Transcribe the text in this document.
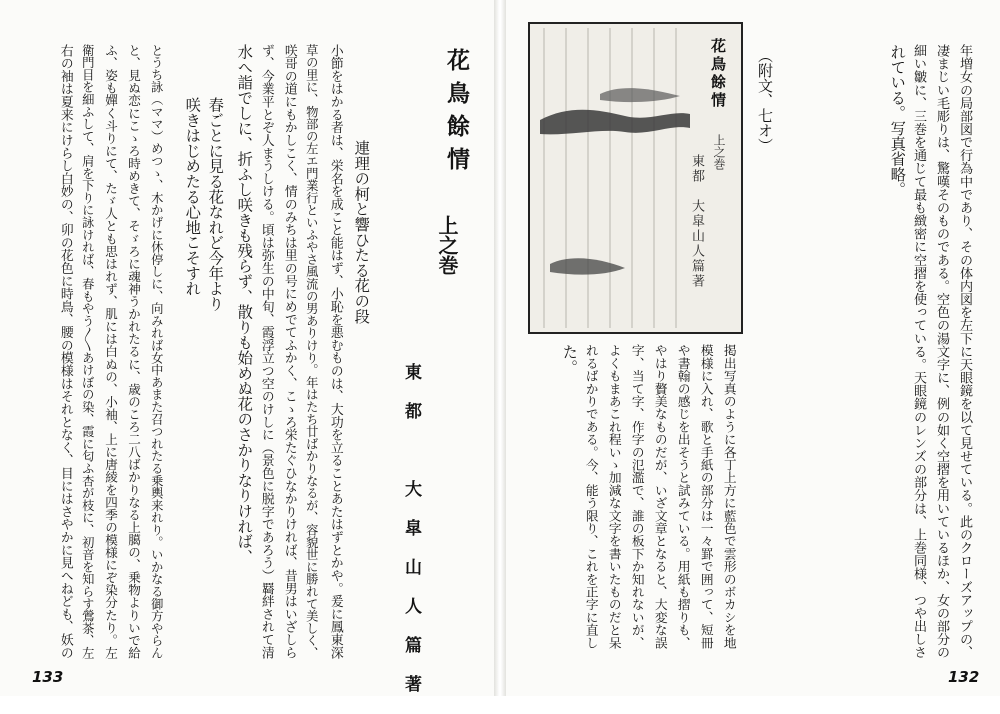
花鳥餘情
上之巻
東都　大皐山人篇著
連理の柯と響ひたる花の段
小節をはかる者は、栄名を成こと能はず、小恥を悪むものは、大功を立ることあたはずとかや。爰に鳳東深
草の里に、物部の左エ門業行といふやさ風流の男ありけり。年はたち廿ばかりなるが、容貌世に勝れて美しく、
咲哥の道にもかしこく、情のみちは里の号にめでてふかく、こゝろ栄たぐひなかりければ、昔男はいざしら
ず、今業平とぞ人まうしける。頃は弥生の中旬、霞浮立つ空のけしに（景色に脱字であろう）羇絆されて清
水へ詣でしに、折ふし咲きも残らず、散りも始めぬ花のさかりなりければ、
春ごとに見る花なれど今年より
咲きはじめたる心地こそすれ
とうち詠（ママ）めつゝ、木かげに休停しに、向みれば女中あまた召つれたる乗輿来れり。いかなる御方やらん
と、見ぬ恋にこゝろ時めきて、そゞろに魂神うかれたるに、歳のころ二八ばかりなる上臈の、乗物よりいで給
ふ、姿も嬋く斗りにて、たゞ人とも思はれず、肌には白ぬの、小袖、上に唐綾を四季の模様にぞ染分たり。左
衛門目を細ふして、肩を下りに詠ければ、春もやう〳〵あけぼの染、霞に匂ふ杏が枝に、初音を知らす鶯茶、左
右の袖は夏来にけらし白妙の、卯の花色に時鳥、腰の模様はそれとなく、目にはさやかに見へねども、妖の
133
花鳥餘情
上之巻
東都　大皐山人篇著
（附文、七オ）	年増女の局部図で行為中であり、その体内図を左下に天眼鏡を以て見せている。此のクローズアップの、
凄まじい毛彫りは、驚嘆そのものである。空色の湯文字に、例の如く空摺を用いているほか、女の部分の
細い皺に、三巻を通じて最も緻密に空摺を使っている。天眼鏡のレンズの部分は、上巻同様、つや出しさ
れている。写真省略。
掲出写真のように各丁上方に藍色で雲形のボカシを地
模様に入れ、歌と手紙の部分は一々罫で囲って、短冊
や書翰の感じを出そうと試みている。用紙も摺りも、
やはり贅美なものだが、いざ文章となると、大変な誤
字、当て字、作字の氾濫で、誰の板下か知れないが、
よくもまあこれ程いゝ加減な文字を書いたものだと呆
れるばかりである。今、能う限り、これを正字に直し
た。
132
